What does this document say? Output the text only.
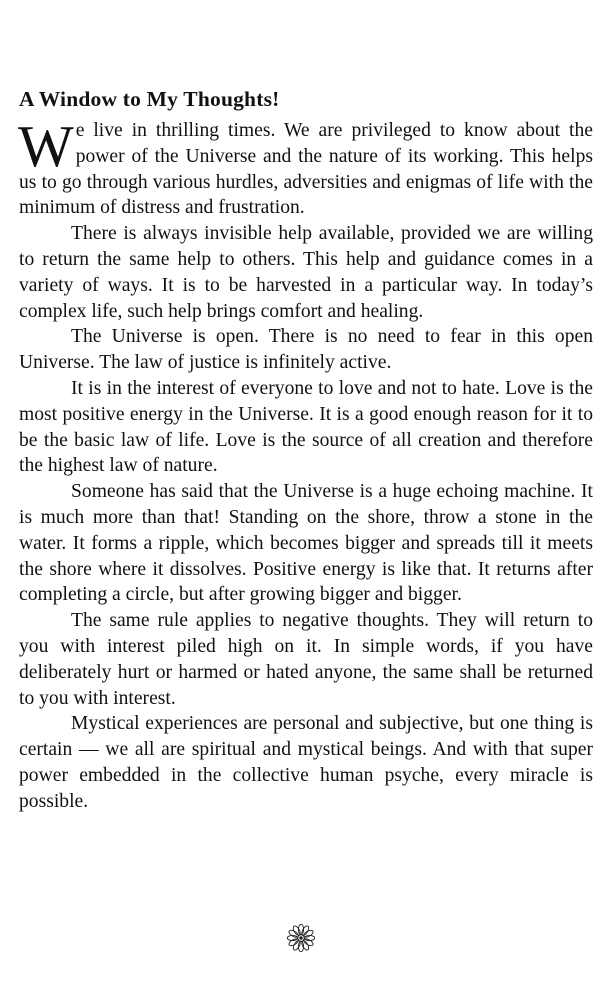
A Window to My Thoughts!

We live in thrilling times. We are privileged to know about the power of the Universe and the nature of its working. This helps us to go through various hurdles, adversities and enigmas of life with the minimum of distress and frustration.

There is always invisible help available, provided we are willing to return the same help to others. This help and guidance comes in a variety of ways. It is to be harvested in a particular way. In today’s complex life, such help brings comfort and healing.

The Universe is open. There is no need to fear in this open Universe. The law of justice is infinitely active.

It is in the interest of everyone to love and not to hate. Love is the most positive energy in the Universe. It is a good enough reason for it to be the basic law of life. Love is the source of all creation and therefore the highest law of nature.

Someone has said that the Universe is a huge echoing machine. It is much more than that! Standing on the shore, throw a stone in the water. It forms a ripple, which becomes bigger and spreads till it meets the shore where it dissolves. Positive energy is like that. It returns after completing a circle, but after growing bigger and bigger.

The same rule applies to negative thoughts. They will return to you with interest piled high on it. In simple words, if you have deliberately hurt or harmed or hated anyone, the same shall be returned to you with interest.

Mystical experiences are personal and subjective, but one thing is certain — we all are spiritual and mystical beings. And with that super power embedded in the collective human psyche, every miracle is possible.
